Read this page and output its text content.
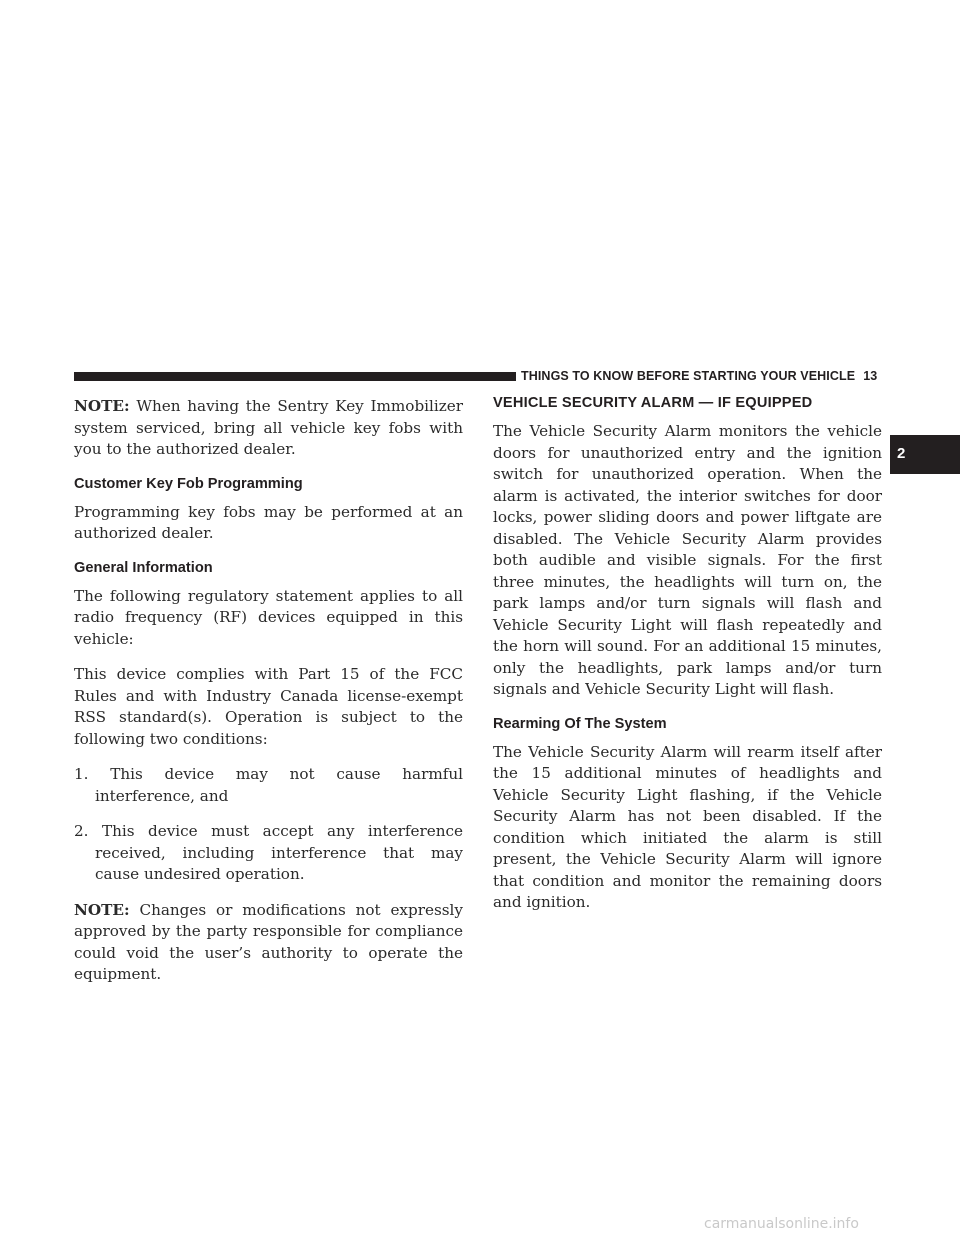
THINGS TO KNOW BEFORE STARTING YOUR VEHICLE 13
2

NOTE: When having the Sentry Key Immobilizer system serviced, bring all vehicle key fobs with you to the authorized dealer.

Customer Key Fob Programming

Programming key fobs may be performed at an authorized dealer.

General Information

The following regulatory statement applies to all radio frequency (RF) devices equipped in this vehicle:

This device complies with Part 15 of the FCC Rules and with Industry Canada license-exempt RSS standard(s). Operation is subject to the following two conditions:

1. This device may not cause harmful interference, and

2. This device must accept any interference received, including interference that may cause undesired operation.

NOTE: Changes or modifications not expressly approved by the party responsible for compliance could void the user’s authority to operate the equipment.

VEHICLE SECURITY ALARM — IF EQUIPPED

The Vehicle Security Alarm monitors the vehicle doors for unauthorized entry and the ignition switch for unauthorized operation. When the alarm is activated, the interior switches for door locks, power sliding doors and power liftgate are disabled. The Vehicle Security Alarm provides both audible and visible signals. For the first three minutes, the headlights will turn on, the park lamps and/or turn signals will flash and Vehicle Security Light will flash repeatedly and the horn will sound. For an additional 15 minutes, only the headlights, park lamps and/or turn signals and Vehicle Security Light will flash.

Rearming Of The System

The Vehicle Security Alarm will rearm itself after the 15 additional minutes of headlights and Vehicle Security Light flashing, if the Vehicle Security Alarm has not been disabled. If the condition which initiated the alarm is still present, the Vehicle Security Alarm will ignore that condition and monitor the remaining doors and ignition.

carmanualsonline.info
